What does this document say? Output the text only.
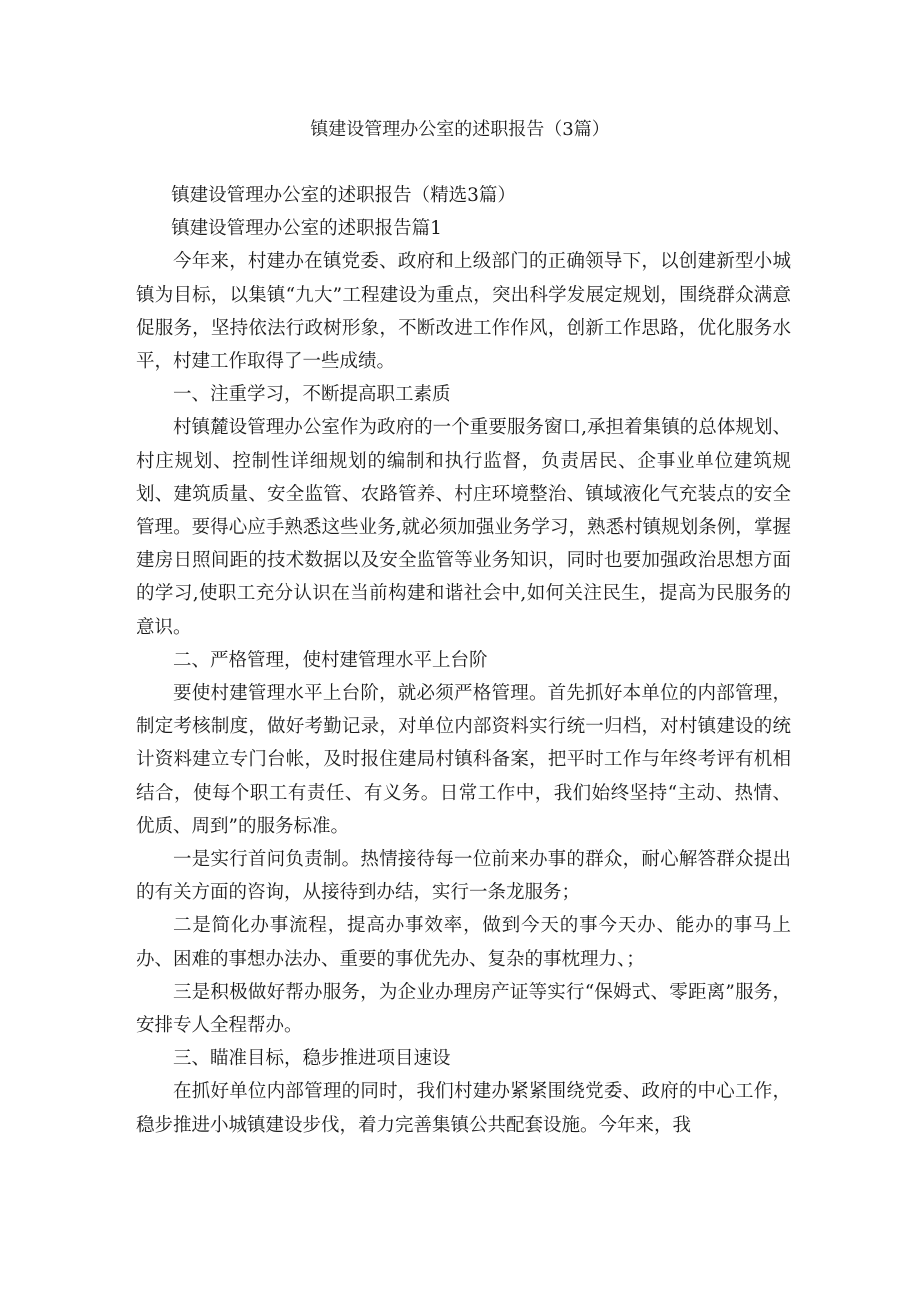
镇建设管理办公室的述职报告（3篇）

镇建设管理办公室的述职报告（精选3篇）

镇建设管理办公室的述职报告篇1

今年来，村建办在镇党委、政府和上级部门的正确领导下，以创建新型小城镇为目标，以集镇“九大”工程建设为重点，突出科学发展定规划，围绕群众满意促服务，坚持依法行政树形象，不断改进工作作风，创新工作思路，优化服务水平，村建工作取得了一些成绩。

一、注重学习，不断提高职工素质

村镇麓设管理办公室作为政府的一个重要服务窗口,承担着集镇的总体规划、村庄规划、控制性详细规划的编制和执行监督，负责居民、企事业单位建筑规划、建筑质量、安全监管、农路管养、村庄环境整治、镇域液化气充装点的安全管理。要得心应手熟悉这些业务,就必须加强业务学习，熟悉村镇规划条例，掌握建房日照间距的技术数据以及安全监管等业务知识，同时也要加强政治思想方面的学习,使职工充分认识在当前构建和谐社会中,如何关注民生，提高为民服务的意识。

二、严格管理，使村建管理水平上台阶

要使村建管理水平上台阶，就必须严格管理。首先抓好本单位的内部管理，制定考核制度，做好考勤记录，对单位内部资料实行统一归档，对村镇建设的统计资料建立专门台帐，及时报住建局村镇科备案，把平时工作与年终考评有机相结合，使每个职工有责任、有义务。日常工作中，我们始终坚持“主动、热情、优质、周到”的服务标准。

一是实行首问负责制。热情接待每一位前来办事的群众，耐心解答群众提出的有关方面的咨询，从接待到办结，实行一条龙服务；

二是简化办事流程，提高办事效率，做到今天的事今天办、能办的事马上办、困难的事想办法办、重要的事优先办、复杂的事枕理力、；

三是积极做好帮办服务，为企业办理房产证等实行“保姆式、零距离”服务，安排专人全程帮办。

三、瞄准目标，稳步推进项目速设

在抓好单位内部管理的同时，我们村建办紧紧围绕党委、政府的中心工作，稳步推进小城镇建设步伐，着力完善集镇公共配套设施。今年来，我
